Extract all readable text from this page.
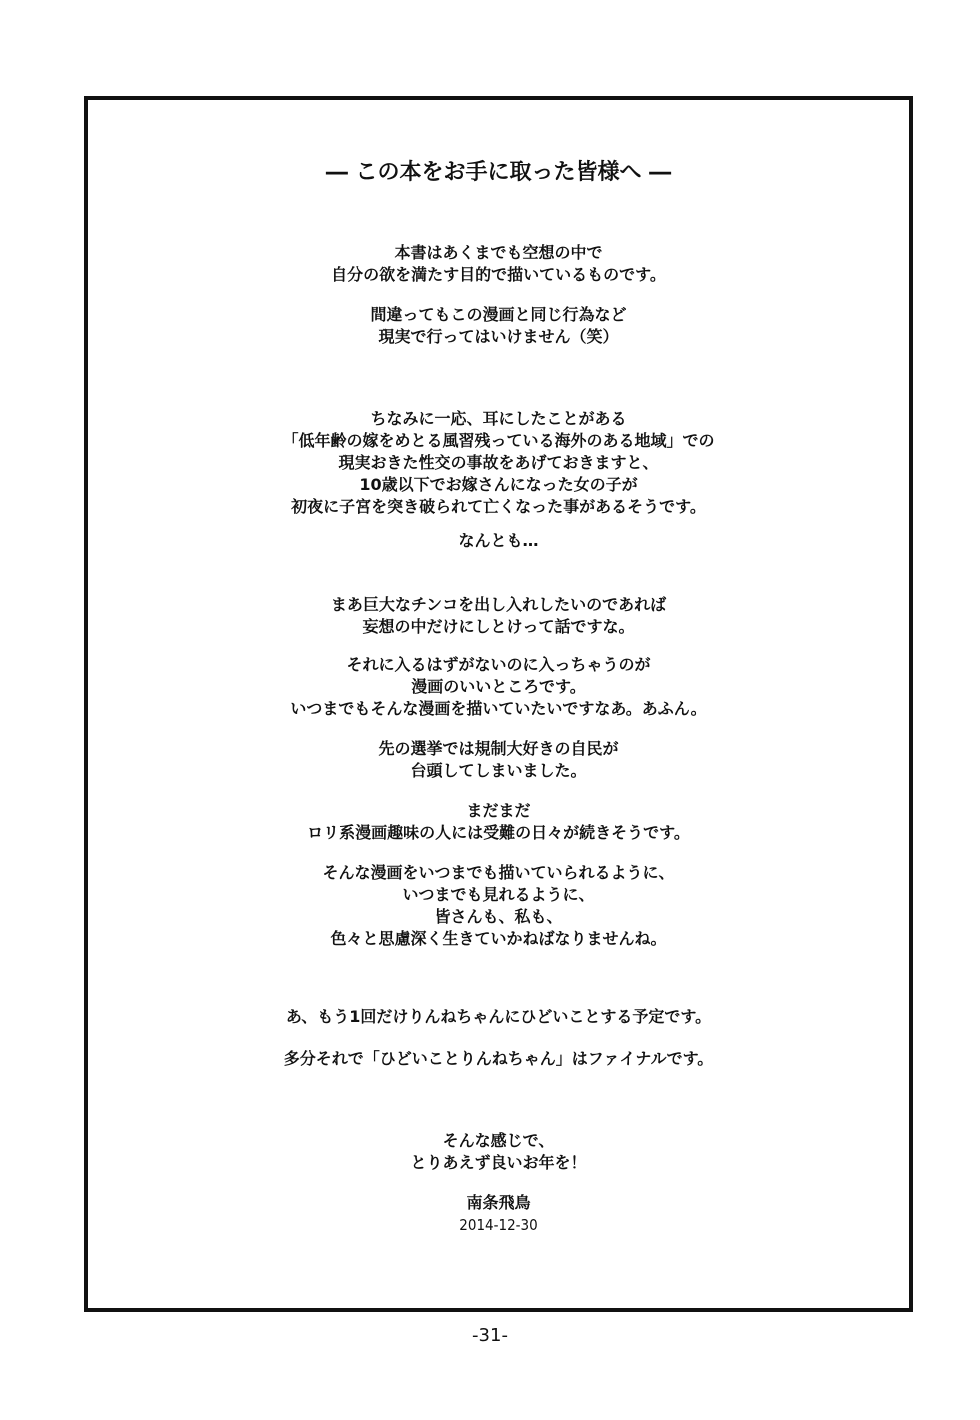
― この本をお手に取った皆様へ ―

本書はあくまでも空想の中で

自分の欲を満たす目的で描いているものです。

間違ってもこの漫画と同じ行為など

現実で行ってはいけません（笑）

ちなみに一応、耳にしたことがある

「低年齢の嫁をめとる風習残っている海外のある地域」での

現実おきた性交の事故をあげておきますと、

10歳以下でお嫁さんになった女の子が

初夜に子宮を突き破られて亡くなった事があるそうです。

なんとも…

まあ巨大なチンコを出し入れしたいのであれば

妄想の中だけにしとけって話ですな。

それに入るはずがないのに入っちゃうのが

漫画のいいところです。

いつまでもそんな漫画を描いていたいですなあ。あふん。

先の選挙では規制大好きの自民が

台頭してしまいました。

まだまだ

ロリ系漫画趣味の人には受難の日々が続きそうです。

そんな漫画をいつまでも描いていられるように、

いつまでも見れるように、

皆さんも、私も、

色々と思慮深く生きていかねばなりませんね。

あ、もう1回だけりんねちゃんにひどいことする予定です。

多分それで「ひどいことりんねちゃん」はファイナルです。

そんな感じで、

とりあえず良いお年を！

南条飛鳥

2014-12-30

-31-
